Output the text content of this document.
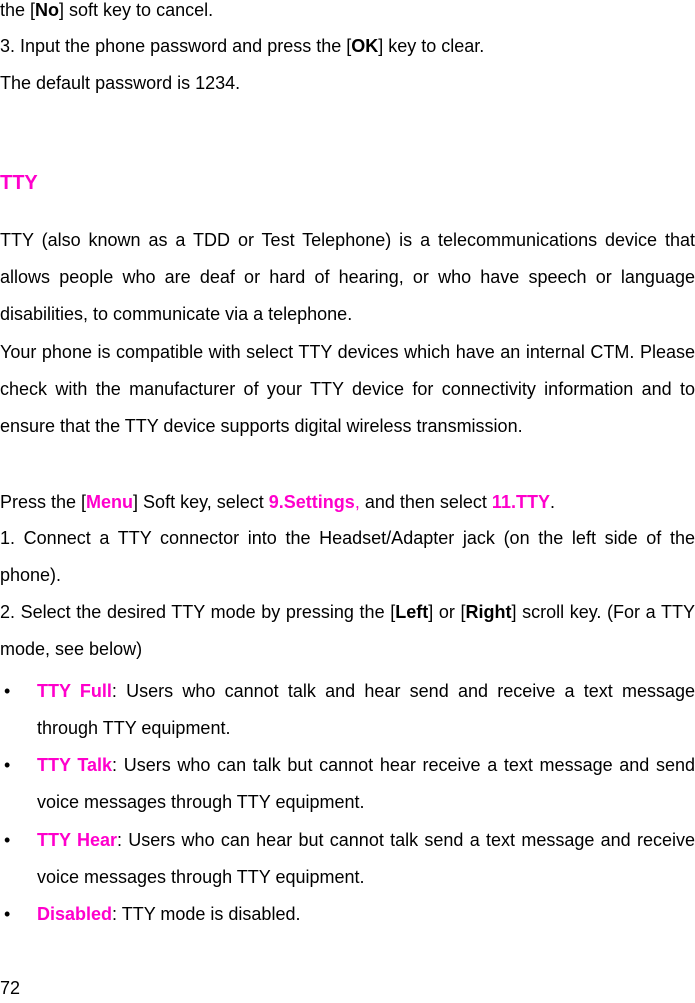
the [No] soft key to cancel.
3. Input the phone password and press the [OK] key to clear.
The default password is 1234.
TTY
TTY (also known as a TDD or Test Telephone) is a telecommunications device that allows people who are deaf or hard of hearing, or who have speech or language disabilities, to communicate via a telephone.
Your phone is compatible with select TTY devices which have an internal CTM. Please check with the manufacturer of your TTY device for connectivity information and to ensure that the TTY device supports digital wireless transmission.
Press the [Menu] Soft key, select 9.Settings, and then select 11.TTY.
1. Connect a TTY connector into the Headset/Adapter jack (on the left side of the phone).
2. Select the desired TTY mode by pressing the [Left] or [Right] scroll key. (For a TTY mode, see below)
• TTY Full: Users who cannot talk and hear send and receive a text message through TTY equipment.
• TTY Talk: Users who can talk but cannot hear receive a text message and send voice messages through TTY equipment.
• TTY Hear: Users who can hear but cannot talk send a text message and receive voice messages through TTY equipment.
• Disabled: TTY mode is disabled.
72
